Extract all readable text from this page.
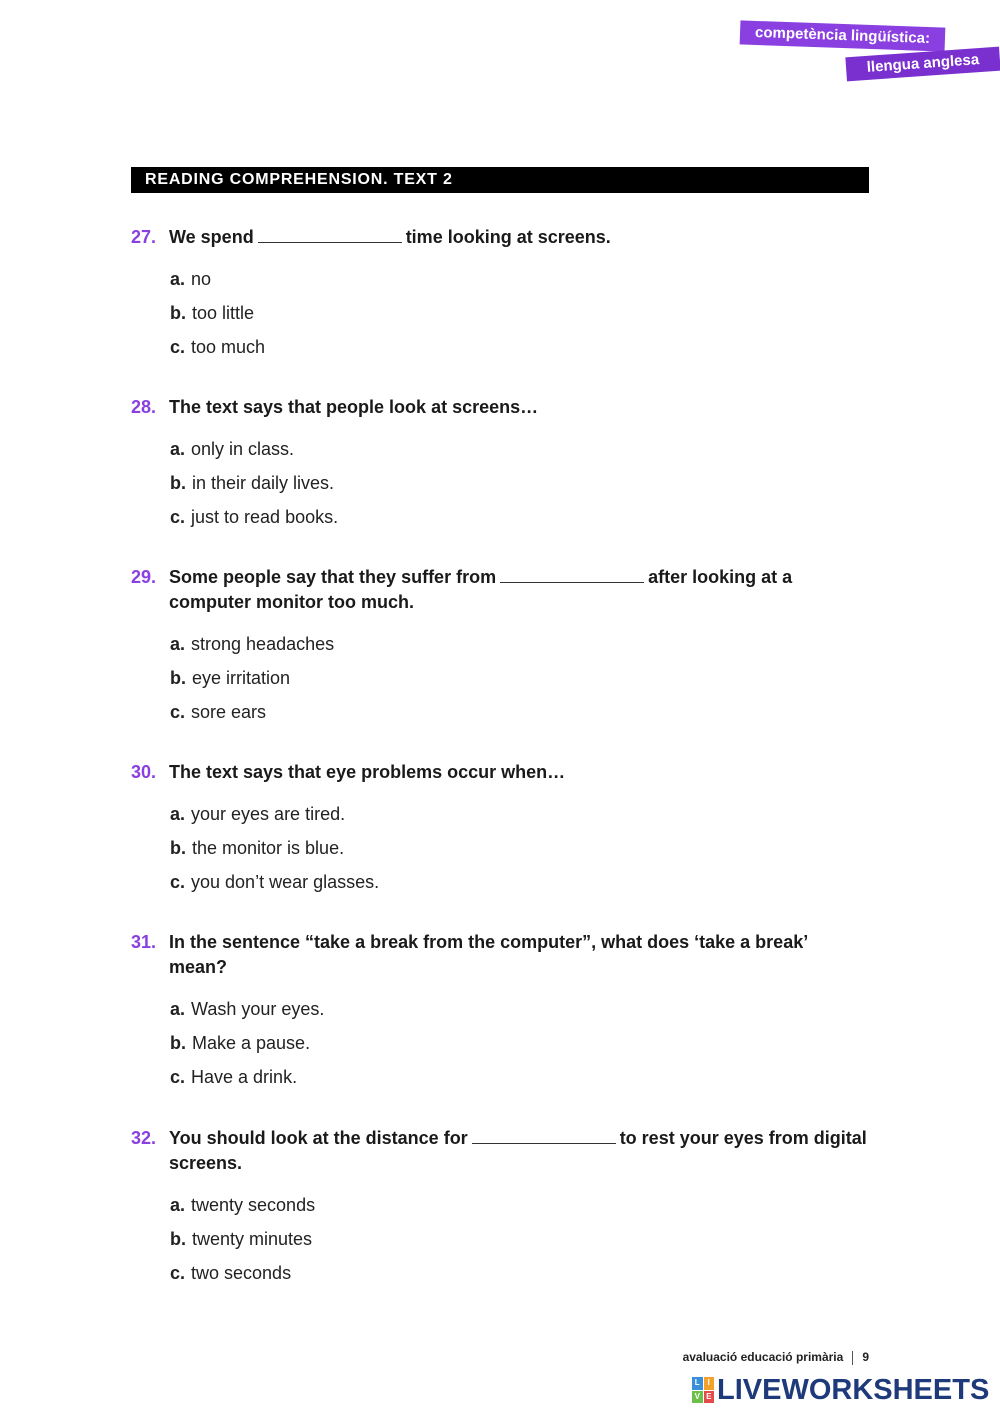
competència lingüística:
llengua anglesa
READING COMPREHENSION. TEXT 2
27. We spend	time looking at screens.
a. no
b. too little
c. too much
28. The text says that people look at screens…
a. only in class.
b. in their daily lives.
c. just to read books.
29. Some people say that they suffer from	after looking at a
computer monitor too much.
a. strong headaches
b. eye irritation
c. sore ears
30. The text says that eye problems occur when…
a. your eyes are tired.
b. the monitor is blue.
c. you don’t wear glasses.
31. In the sentence “take a break from the computer”, what does ‘take a break’
mean?
a. Wash your eyes.
b. Make a pause.
c. Have a drink.
32. You should look at the distance for	to rest your eyes from digital
screens.
a. twenty seconds
b. twenty minutes
c. two seconds
avaluació educació primària 9
L I
V E LIVEWORKSHEETS
